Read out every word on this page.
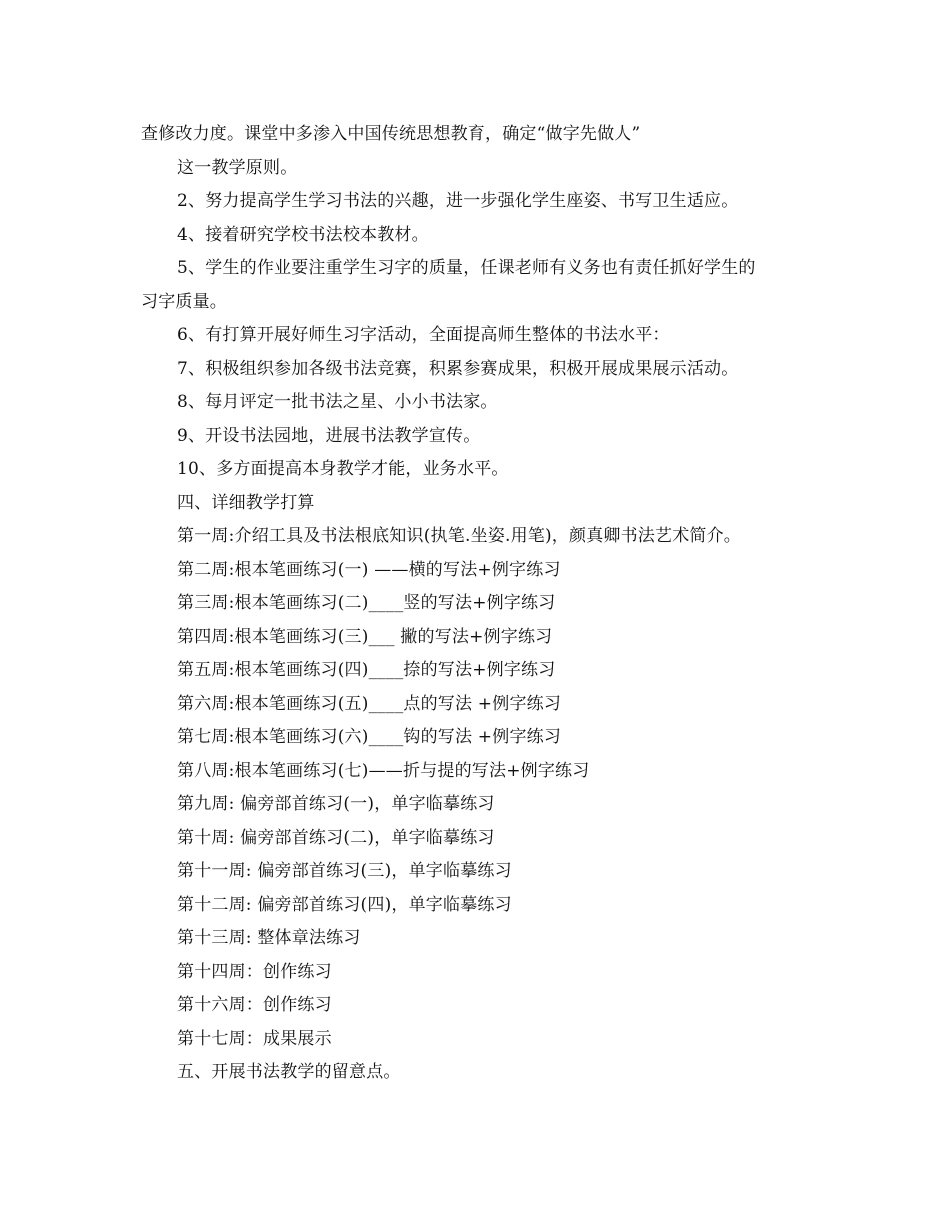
查修改力度。课堂中多渗入中国传统思想教育，确定“做字先做人”
这一教学原则。
2、努力提高学生学习书法的兴趣，进一步强化学生座姿、书写卫生适应。
4、接着研究学校书法校本教材。
5、学生的作业要注重学生习字的质量，任课老师有义务也有责任抓好学生的
习字质量。
6、有打算开展好师生习字活动，全面提高师生整体的书法水平：
7、积极组织参加各级书法竞赛，积累参赛成果，积极开展成果展示活动。
8、每月评定一批书法之星、小小书法家。
9、开设书法园地，进展书法教学宣传。
10、多方面提高本身教学才能，业务水平。
四、详细教学打算
第一周:介绍工具及书法根底知识(执笔.坐姿.用笔)，颜真卿书法艺术简介。
第二周:根本笔画练习(一) ——横的写法+例字练习
第三周:根本笔画练习(二)____竖的写法+例字练习
第四周:根本笔画练习(三)___ 撇的写法+例字练习
第五周:根本笔画练习(四)____捺的写法+例字练习
第六周:根本笔画练习(五)____点的写法 +例字练习
第七周:根本笔画练习(六)____钩的写法 +例字练习
第八周:根本笔画练习(七)——折与提的写法+例字练习
第九周: 偏旁部首练习(一)，单字临摹练习
第十周: 偏旁部首练习(二)，单字临摹练习
第十一周: 偏旁部首练习(三)，单字临摹练习
第十二周: 偏旁部首练习(四)，单字临摹练习
第十三周: 整体章法练习
第十四周：创作练习
第十六周：创作练习
第十七周：成果展示
五、开展书法教学的留意点。
